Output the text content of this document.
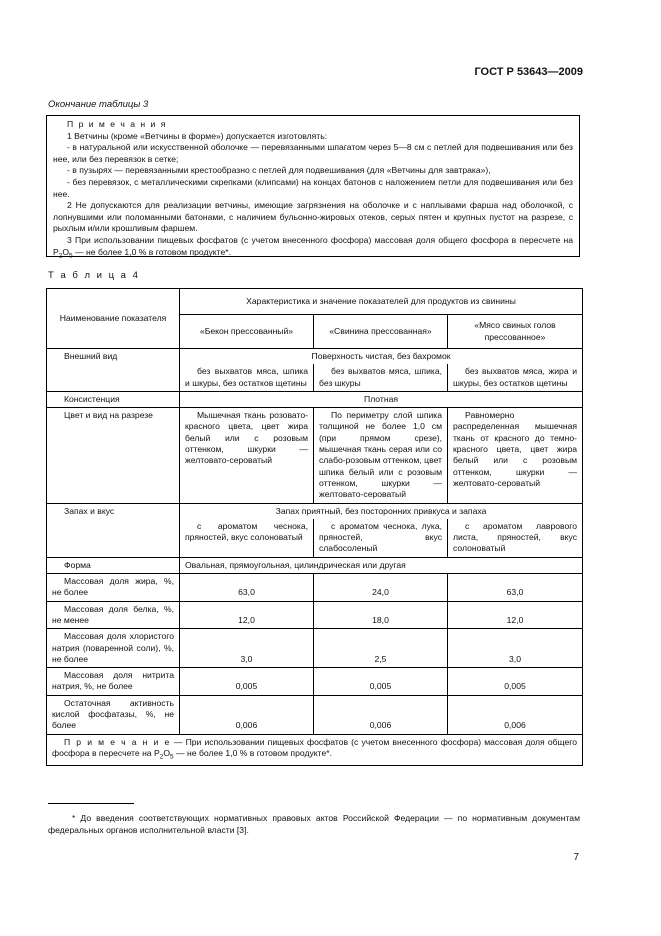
ГОСТ Р 53643—2009
Окончание таблицы 3

П р и м е ч а н и я

1 Ветчины (кроме «Ветчины в форме») допускается изготовлять:

- в натуральной или искусственной оболочке — перевязанными шпагатом через 5—8 см с петлей для подвешивания или без нее, или без перевязок в сетке;

- в пузырях — перевязанными крестообразно с петлей для подвешивания (для «Ветчины для завтрака»),

- без перевязок, с металлическими скрепками (клипсами) на концах батонов с наложением петли для подвешивания или без нее.

2 Не допускаются для реализации ветчины, имеющие загрязнения на оболочке и с наплывами фарша над оболочкой, с лопнувшими или поломанными батонами, с наличием бульонно-жировых отеков, серых пятен и крупных пустот на разрезе, с рыхлым и/или крошливым фаршем.

3 При использовании пищевых фосфатов (с учетом внесенного фосфора) массовая доля общего фосфора в пересчете на $P_2O_5$ — не более 1,0 % в готовом продукте*.

Т а б л и ц а 4
Наименование показателя	Характеристика и значение показателей для продуктов из свинины		
	«Бекон прессованный»	«Свинина прессованная»	«Мясо свиных голов прессованное»
Внешний вид	Поверхность чистая, без бахромок		
	без выхватов мяса, шпика и шкуры, без остатков щетины	без выхватов мяса, шпика, без шкуры	без выхватов мяса, жира и шкуры, без остатков щетины
Консистенция	Плотная		
Цвет и вид на разрезе	Мышечная ткань розовато-красного цвета, цвет жира белый или с розовым оттенком, шкурки — желтовато-сероватый	По периметру слой шпика толщиной не более 1,0 см (при прямом срезе), мышечная ткань серая или со слабо-розовым оттенком, цвет шпика белый или с розовым оттенком, шкурки — желтовато-сероватый	Равномерно распределенная мышечная ткань от красного до темно-красного цвета, цвет жира белый или с розовым оттенком, шкурки — желтовато-сероватый
Запах и вкус	Запах приятный, без посторонних привкуса и запаха		
	с ароматом чеснока, пряностей, вкус солоноватый	с ароматом чеснока, лука, пряностей, вкус слабосоленый	с ароматом лаврового листа, пряностей, вкус солоноватый
Форма	Овальная, прямоугольная, цилиндрическая или другая		
Массовая доля жира, %, не более	63,0	24,0	63,0
Массовая доля белка, %, не менее	12,0	18,0	12,0
Массовая доля хлористого натрия (поваренной соли), %, не более	3,0	2,5	3,0
Массовая доля нитрита натрия, %, не более	0,005	0,005	0,005
Остаточная активность кислой фосфатазы, %, не более	0,006	0,006	0,006
П р и м е ч а н и е — При использовании пищевых фосфатов (с учетом внесенного фосфора) массовая доля общего фосфора в пересчете на $P_2O_5$ — не более 1,0 % в готовом продукте*.			
* До введения соответствующих нормативных правовых актов Российской Федерации — по нормативным документам федеральных органов исполнительной власти [3].
7
